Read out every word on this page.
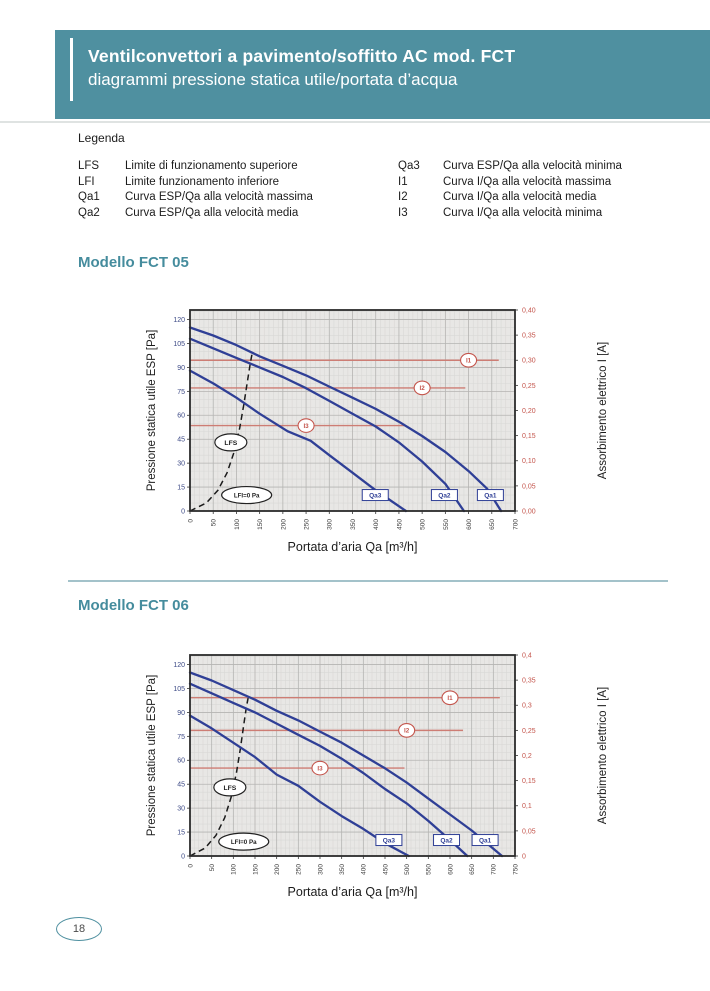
Ventilconvettori a pavimento/soffitto AC mod. FCT
diagrammi pressione statica utile/portata d’acqua
Legenda
LFS	Limite di funzionamento superiore
LFI	Limite funzionamento inferiore
Qa1	Curva ESP/Qa alla velocità massima
Qa2	Curva ESP/Qa alla velocità media
Qa3	Curva ESP/Qa alla velocità minima
I1	Curva I/Qa alla velocità massima
I2	Curva I/Qa alla velocità media
I3	Curva I/Qa alla velocità minima
Modello FCT 05
0
15
30
45
60
75
90
105
120
0,00
0,05
0,10
0,15
0,20
0,25
0,30
0,35
0,40
0 50 100 150 200 250 300 350 400 450 500 550 600 650 700
I1
I2
I3
Qa1
Qa2
Qa3
LFS
LFI=0 Pa
Pressione statica utile ESP [Pa]	Assorbimento elettrico I [A]
Portata d’aria Qa [m³/h]
Modello FCT 06
0
15
30
45
60
75
90
105
120
0
0,05
0,1
0,15
0,2
0,25
0,3
0,35
0,4
0 50 100 150 200 250 300 350 400 450 500 550 600 650 700 750
I1
I2
I3
Qa1
Qa2
Qa3
LFS
LFI=0 Pa
Pressione statica utile ESP [Pa]	Assorbimento elettrico I [A]
Portata d’aria Qa [m³/h]
18
